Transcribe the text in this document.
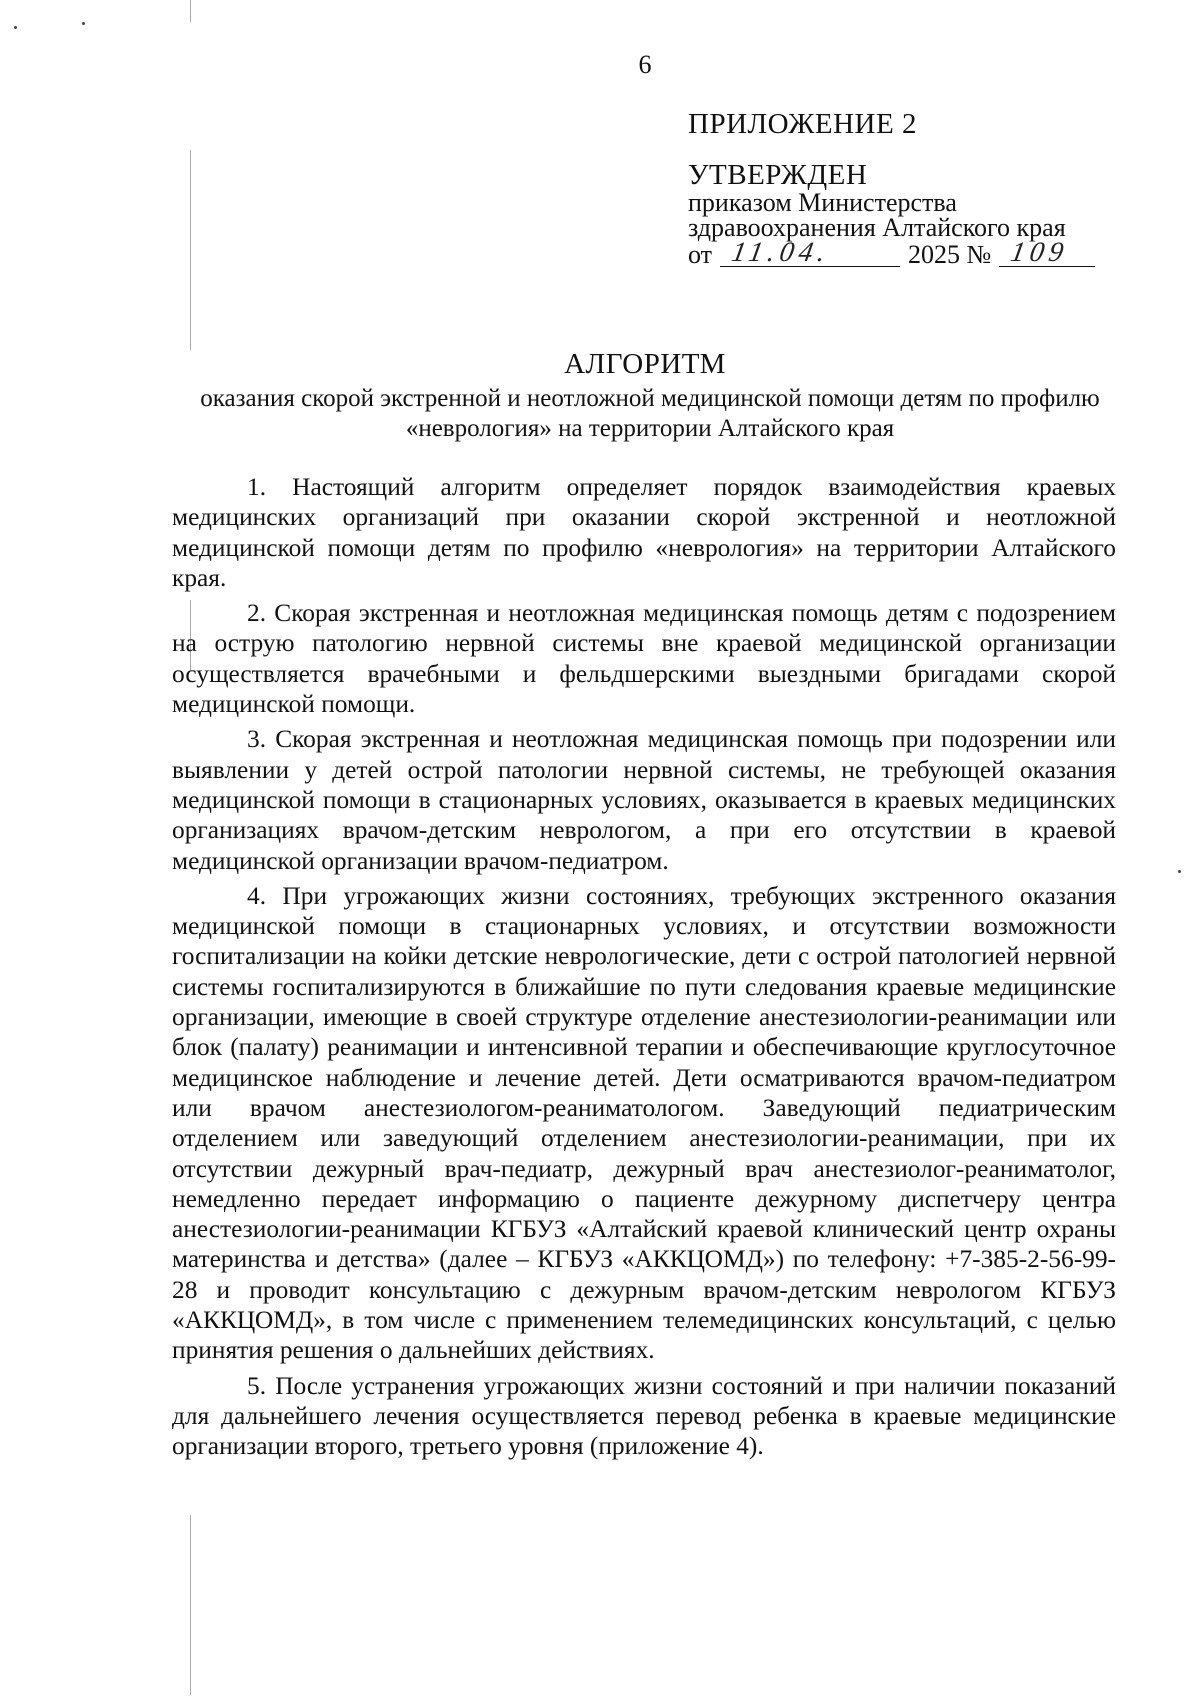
6
ПРИЛОЖЕНИЕ 2
УТВЕРЖДЕН
приказом Министерства здравоохранения Алтайского края
от 11.04.	2025 № 109
АЛГОРИТМ
оказания скорой экстренной и неотложной медицинской помощи детям по профилю «неврология» на территории Алтайского края

1. Настоящий алгоритм определяет порядок взаимодействия краевых медицинских организаций при оказании скорой экстренной и неотложной медицинской помощи детям по профилю «неврология» на территории Алтайского края.

2. Скорая экстренная и неотложная медицинская помощь детям с подозрением на острую патологию нервной системы вне краевой медицинской организации осуществляется врачебными и фельдшерскими выездными бригадами скорой медицинской помощи.

3. Скорая экстренная и неотложная медицинская помощь при подозрении или выявлении у детей острой патологии нервной системы, не требующей оказания медицинской помощи в стационарных условиях, оказывается в краевых медицинских организациях врачом-детским неврологом, а при его отсутствии в краевой медицинской организации врачом-педиатром.

4. При угрожающих жизни состояниях, требующих экстренного оказания медицинской помощи в стационарных условиях, и отсутствии возможности госпитализации на койки детские неврологические, дети с острой патологией нервной системы госпитализируются в ближайшие по пути следования краевые медицинские организации, имеющие в своей структуре отделение анестезиологии-реанимации или блок (палату) реанимации и интенсивной терапии и обеспечивающие круглосуточное медицинское наблюдение и лечение детей. Дети осматриваются врачом-педиатром или врачом анестезиологом-реаниматологом. Заведующий педиатрическим отделением или заведующий отделением анестезиологии-реанимации, при их отсутствии дежурный врач-педиатр, дежурный врач анестезиолог-реаниматолог, немедленно передает информацию о пациенте дежурному диспетчеру центра анестезиологии-реанимации КГБУЗ «Алтайский краевой клинический центр охраны материнства и детства» (далее – КГБУЗ «АККЦОМД») по телефону: +7-385-2-56-99-28 и проводит консультацию с дежурным врачом-детским неврологом КГБУЗ «АККЦОМД», в том числе с применением телемедицинских консультаций, с целью принятия решения о дальнейших действиях.

5. После устранения угрожающих жизни состояний и при наличии показаний для дальнейшего лечения осуществляется перевод ребенка в краевые медицинские организации второго, третьего уровня (приложение 4).
